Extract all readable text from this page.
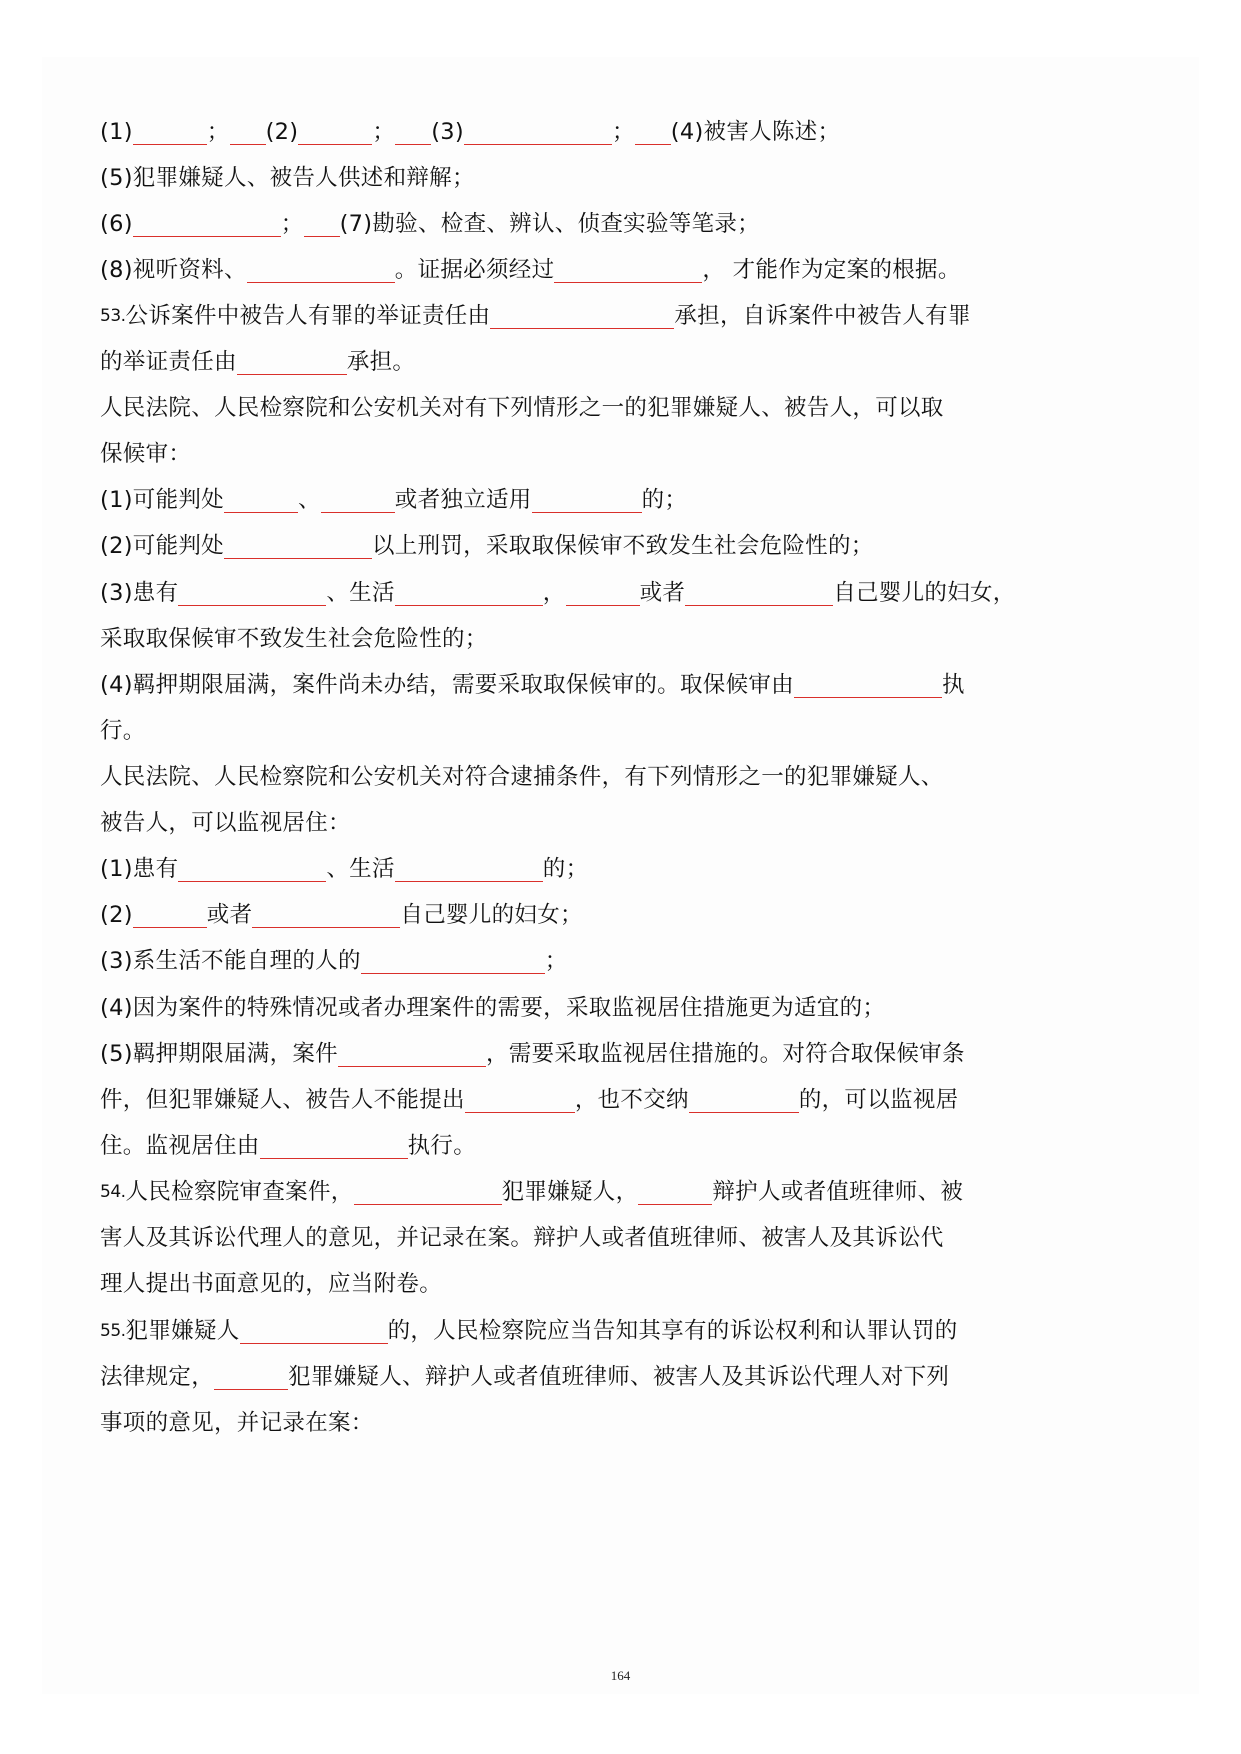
(1)	；(2)	；(3)	；(4)被害人陈述；
(5)犯罪嫌疑人、被告人供述和辩解；
(6)	；(7)勘验、检查、辨认、侦查实验等笔录；
(8)视听资料、	。证据必须经过	， 才能作为定案的根据。
53.公诉案件中被告人有罪的举证责任由	承担，自诉案件中被告人有罪
的举证责任由	承担。
人民法院、人民检察院和公安机关对有下列情形之一的犯罪嫌疑人、被告人，可以取
保候审：
(1)可能判处	、	或者独立适用	的；
(2)可能判处	以上刑罚，采取取保候审不致发生社会危险性的；
(3)患有	、生活	，	或者	自己婴儿的妇女，
采取取保候审不致发生社会危险性的；
(4)羁押期限届满，案件尚未办结，需要采取取保候审的。取保候审由	执
行。
人民法院、人民检察院和公安机关对符合逮捕条件，有下列情形之一的犯罪嫌疑人、
被告人，可以监视居住：
(1)患有	、生活	的；
(2)	或者	自己婴儿的妇女；
(3)系生活不能自理的人的	；
(4)因为案件的特殊情况或者办理案件的需要，采取监视居住措施更为适宜的；
(5)羁押期限届满，案件	，需要采取监视居住措施的。对符合取保候审条
件，但犯罪嫌疑人、被告人不能提出	，也不交纳	的，可以监视居
住。监视居住由	执行。
54.人民检察院审查案件，	犯罪嫌疑人，	辩护人或者值班律师、被
害人及其诉讼代理人的意见，并记录在案。辩护人或者值班律师、被害人及其诉讼代
理人提出书面意见的，应当附卷。
55.犯罪嫌疑人	的，人民检察院应当告知其享有的诉讼权利和认罪认罚的
法律规定，	犯罪嫌疑人、辩护人或者值班律师、被害人及其诉讼代理人对下列
事项的意见，并记录在案：
164
